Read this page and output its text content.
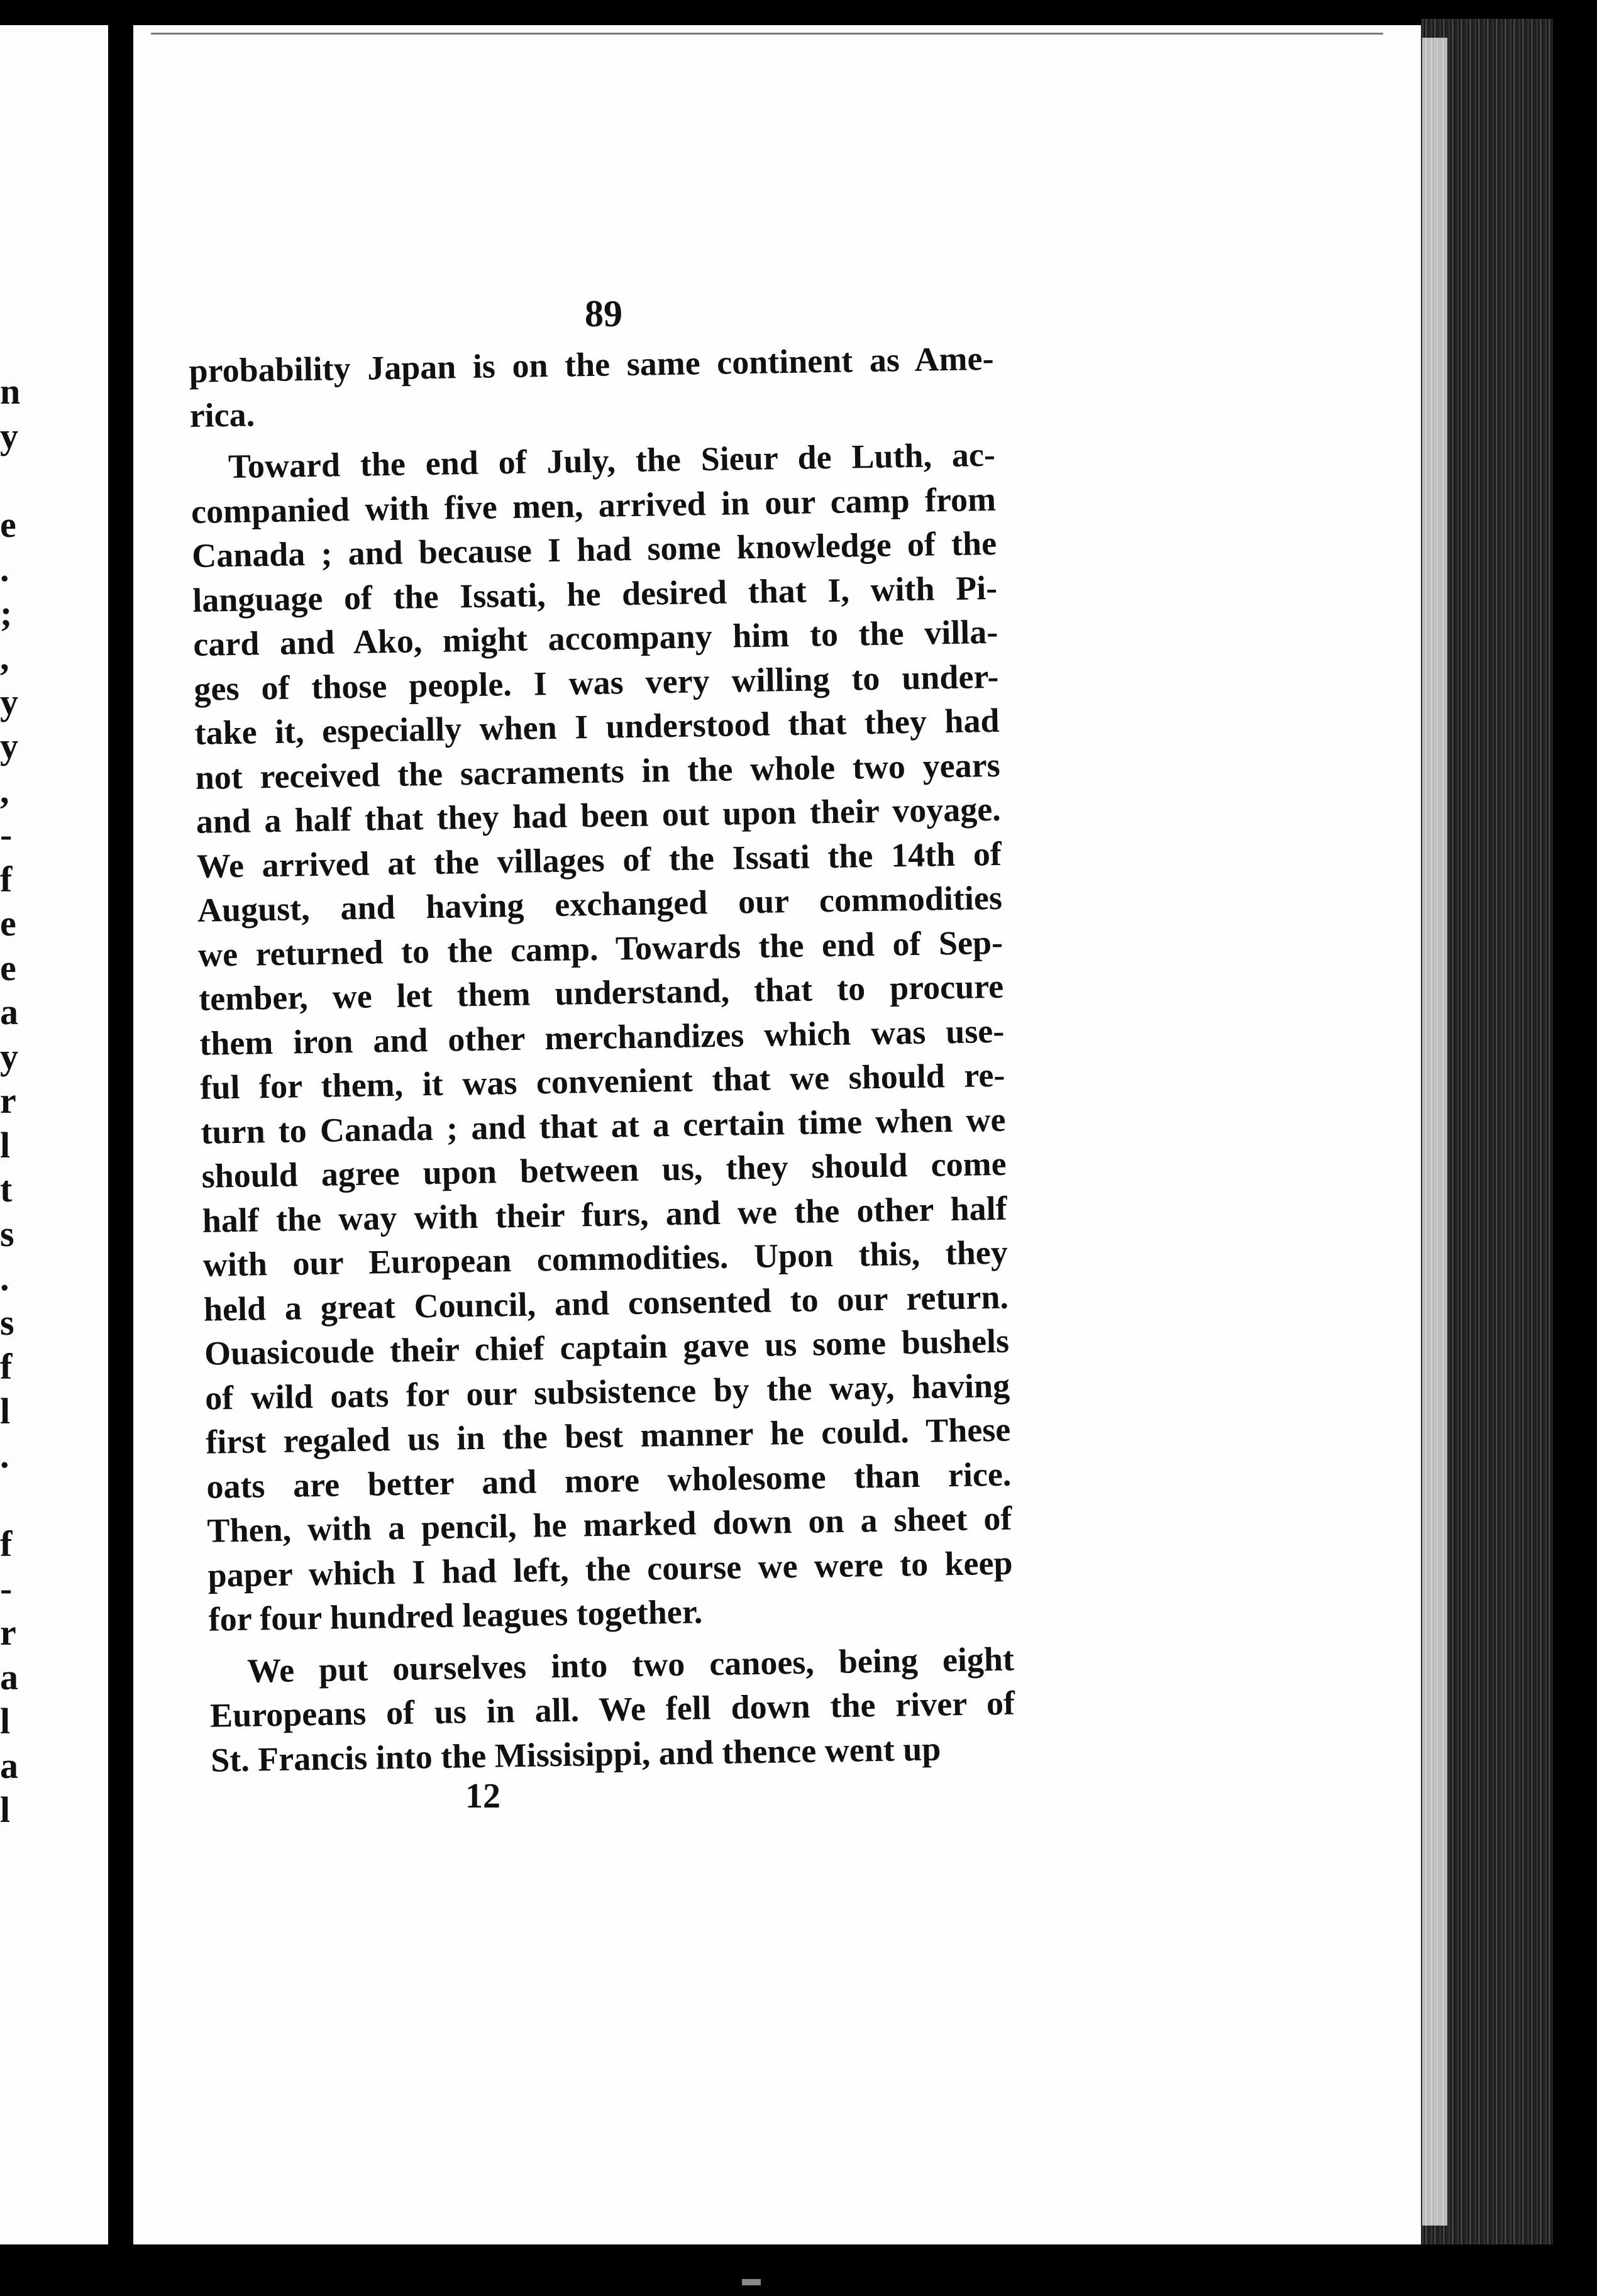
n
y
e
.
;
,
y
y
,
-
f
e
e
a
y
r
l
t
s
.
s
f
l
.
f
-
r
a
l
a
l
89
probability Japan is on the same continent as Ame-
rica.
Toward the end of July, the Sieur de Luth, ac-
companied with five men, arrived in our camp from
Canada ; and because I had some knowledge of the
language of the Issati, he desired that I, with Pi-
card and Ako, might accompany him to the villa-
ges of those people. I was very willing to under-
take it, especially when I understood that they had
not received the sacraments in the whole two years
and a half that they had been out upon their voyage.
We arrived at the villages of the Issati the 14th of
August, and having exchanged our commodities
we returned to the camp. Towards the end of Sep-
tember, we let them understand, that to procure
them iron and other merchandizes which was use-
ful for them, it was convenient that we should re-
turn to Canada ; and that at a certain time when we
should agree upon between us, they should come
half the way with their furs, and we the other half
with our European commodities. Upon this, they
held a great Council, and consented to our return.
Ouasicoude their chief captain gave us some bushels
of wild oats for our subsistence by the way, having
first regaled us in the best manner he could. These
oats are better and more wholesome than rice.
Then, with a pencil, he marked down on a sheet of
paper which I had left, the course we were to keep
for four hundred leagues together.
We put ourselves into two canoes, being eight
Europeans of us in all. We fell down the river of
St. Francis into the Missisippi, and thence went up
12
